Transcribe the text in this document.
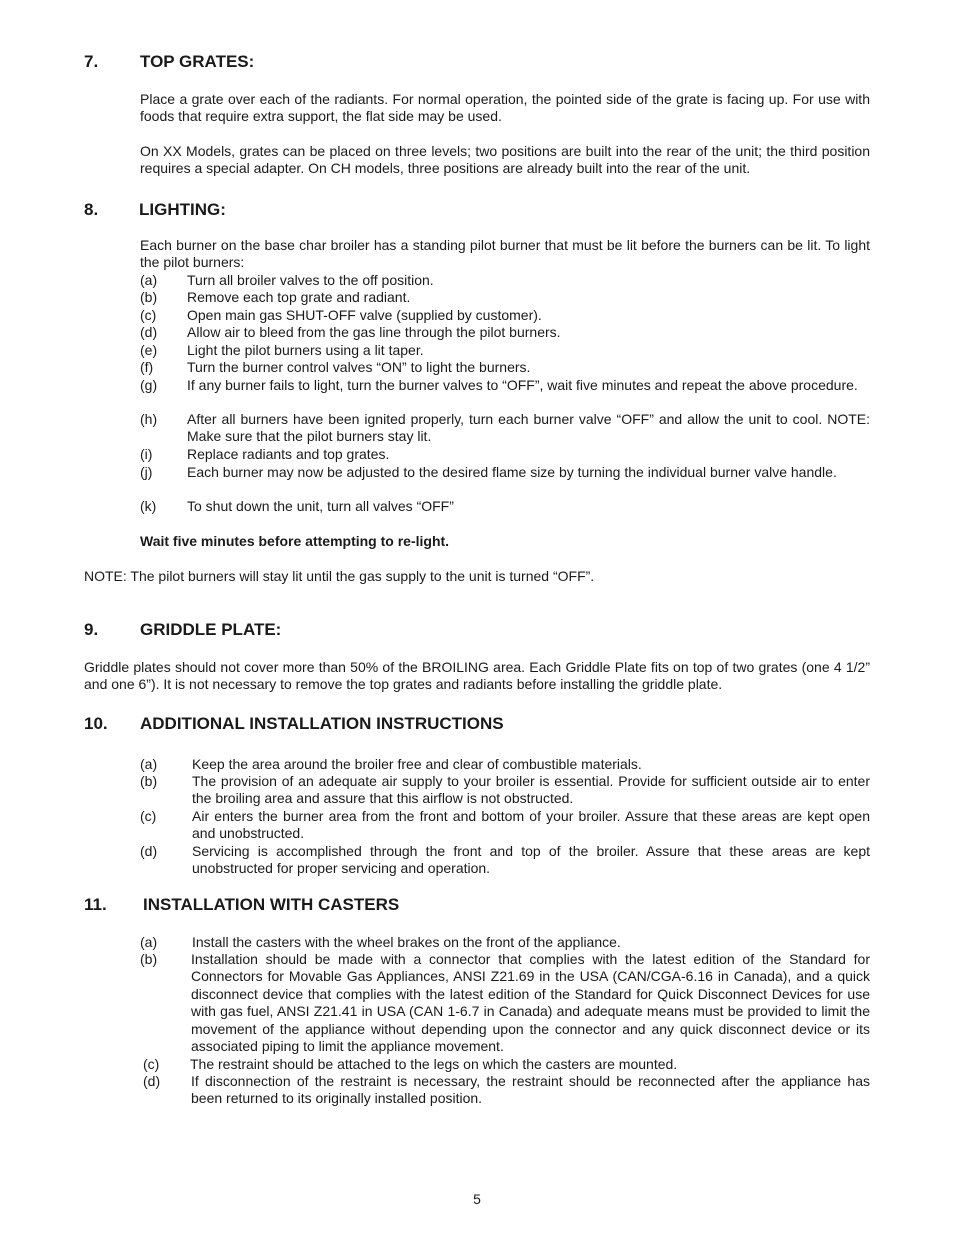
7. TOP GRATES:
Place a grate over each of the radiants. For normal operation, the pointed side of the grate is facing up. For use with foods that require extra support, the flat side may be used.
On XX Models, grates can be placed on three levels; two positions are built into the rear of the unit; the third position requires a special adapter. On CH models, three positions are already built into the rear of the unit.
8. LIGHTING:
Each burner on the base char broiler has a standing pilot burner that must be lit before the burners can be lit. To light the pilot burners:
(a) Turn all broiler valves to the off position.
(b) Remove each top grate and radiant.
(c) Open main gas SHUT-OFF valve (supplied by customer).
(d) Allow air to bleed from the gas line through the pilot burners.
(e) Light the pilot burners using a lit taper.
(f) Turn the burner control valves “ON” to light the burners.
(g) If any burner fails to light, turn the burner valves to “OFF”, wait five minutes and repeat the above procedure.
(h) After all burners have been ignited properly, turn each burner valve “OFF” and allow the unit to cool. NOTE: Make sure that the pilot burners stay lit.
(i) Replace radiants and top grates.
(j) Each burner may now be adjusted to the desired flame size by turning the individual burner valve handle.
(k) To shut down the unit, turn all valves “OFF”
Wait five minutes before attempting to re-light.
NOTE: The pilot burners will stay lit until the gas supply to the unit is turned “OFF”.
9. GRIDDLE PLATE:
Griddle plates should not cover more than 50% of the BROILING area. Each Griddle Plate fits on top of two grates (one 4 1/2” and one 6”). It is not necessary to remove the top grates and radiants before installing the griddle plate.
10. ADDITIONAL INSTALLATION INSTRUCTIONS
(a) Keep the area around the broiler free and clear of combustible materials.
(b) The provision of an adequate air supply to your broiler is essential. Provide for sufficient outside air to enter the broiling area and assure that this airflow is not obstructed.
(c)	Air enters the burner area from the front and bottom of your broiler. Assure that these areas are kept open and unobstructed.
(d) Servicing is accomplished through the front and top of the broiler. Assure that these areas are kept unobstructed for proper servicing and operation.
11. INSTALLATION WITH CASTERS
(a) Install the casters with the wheel brakes on the front of the appliance.
(b) Installation should be made with a connector that complies with the latest edition of the Standard for Connectors for Movable Gas Appliances, ANSI Z21.69 in the USA (CAN/CGA-6.16 in Canada), and a quick disconnect device that complies with the latest edition of the Standard for Quick Disconnect Devices for use with gas fuel, ANSI Z21.41 in USA (CAN 1-6.7 in Canada) and adequate means must be provided to limit the movement of the appliance without depending upon the connector and any quick disconnect device or its associated piping to limit the appliance movement.
(c) The restraint should be attached to the legs on which the casters are mounted.
(d) If disconnection of the restraint is necessary, the restraint should be reconnected after the appliance has been returned to its originally installed position.
5
